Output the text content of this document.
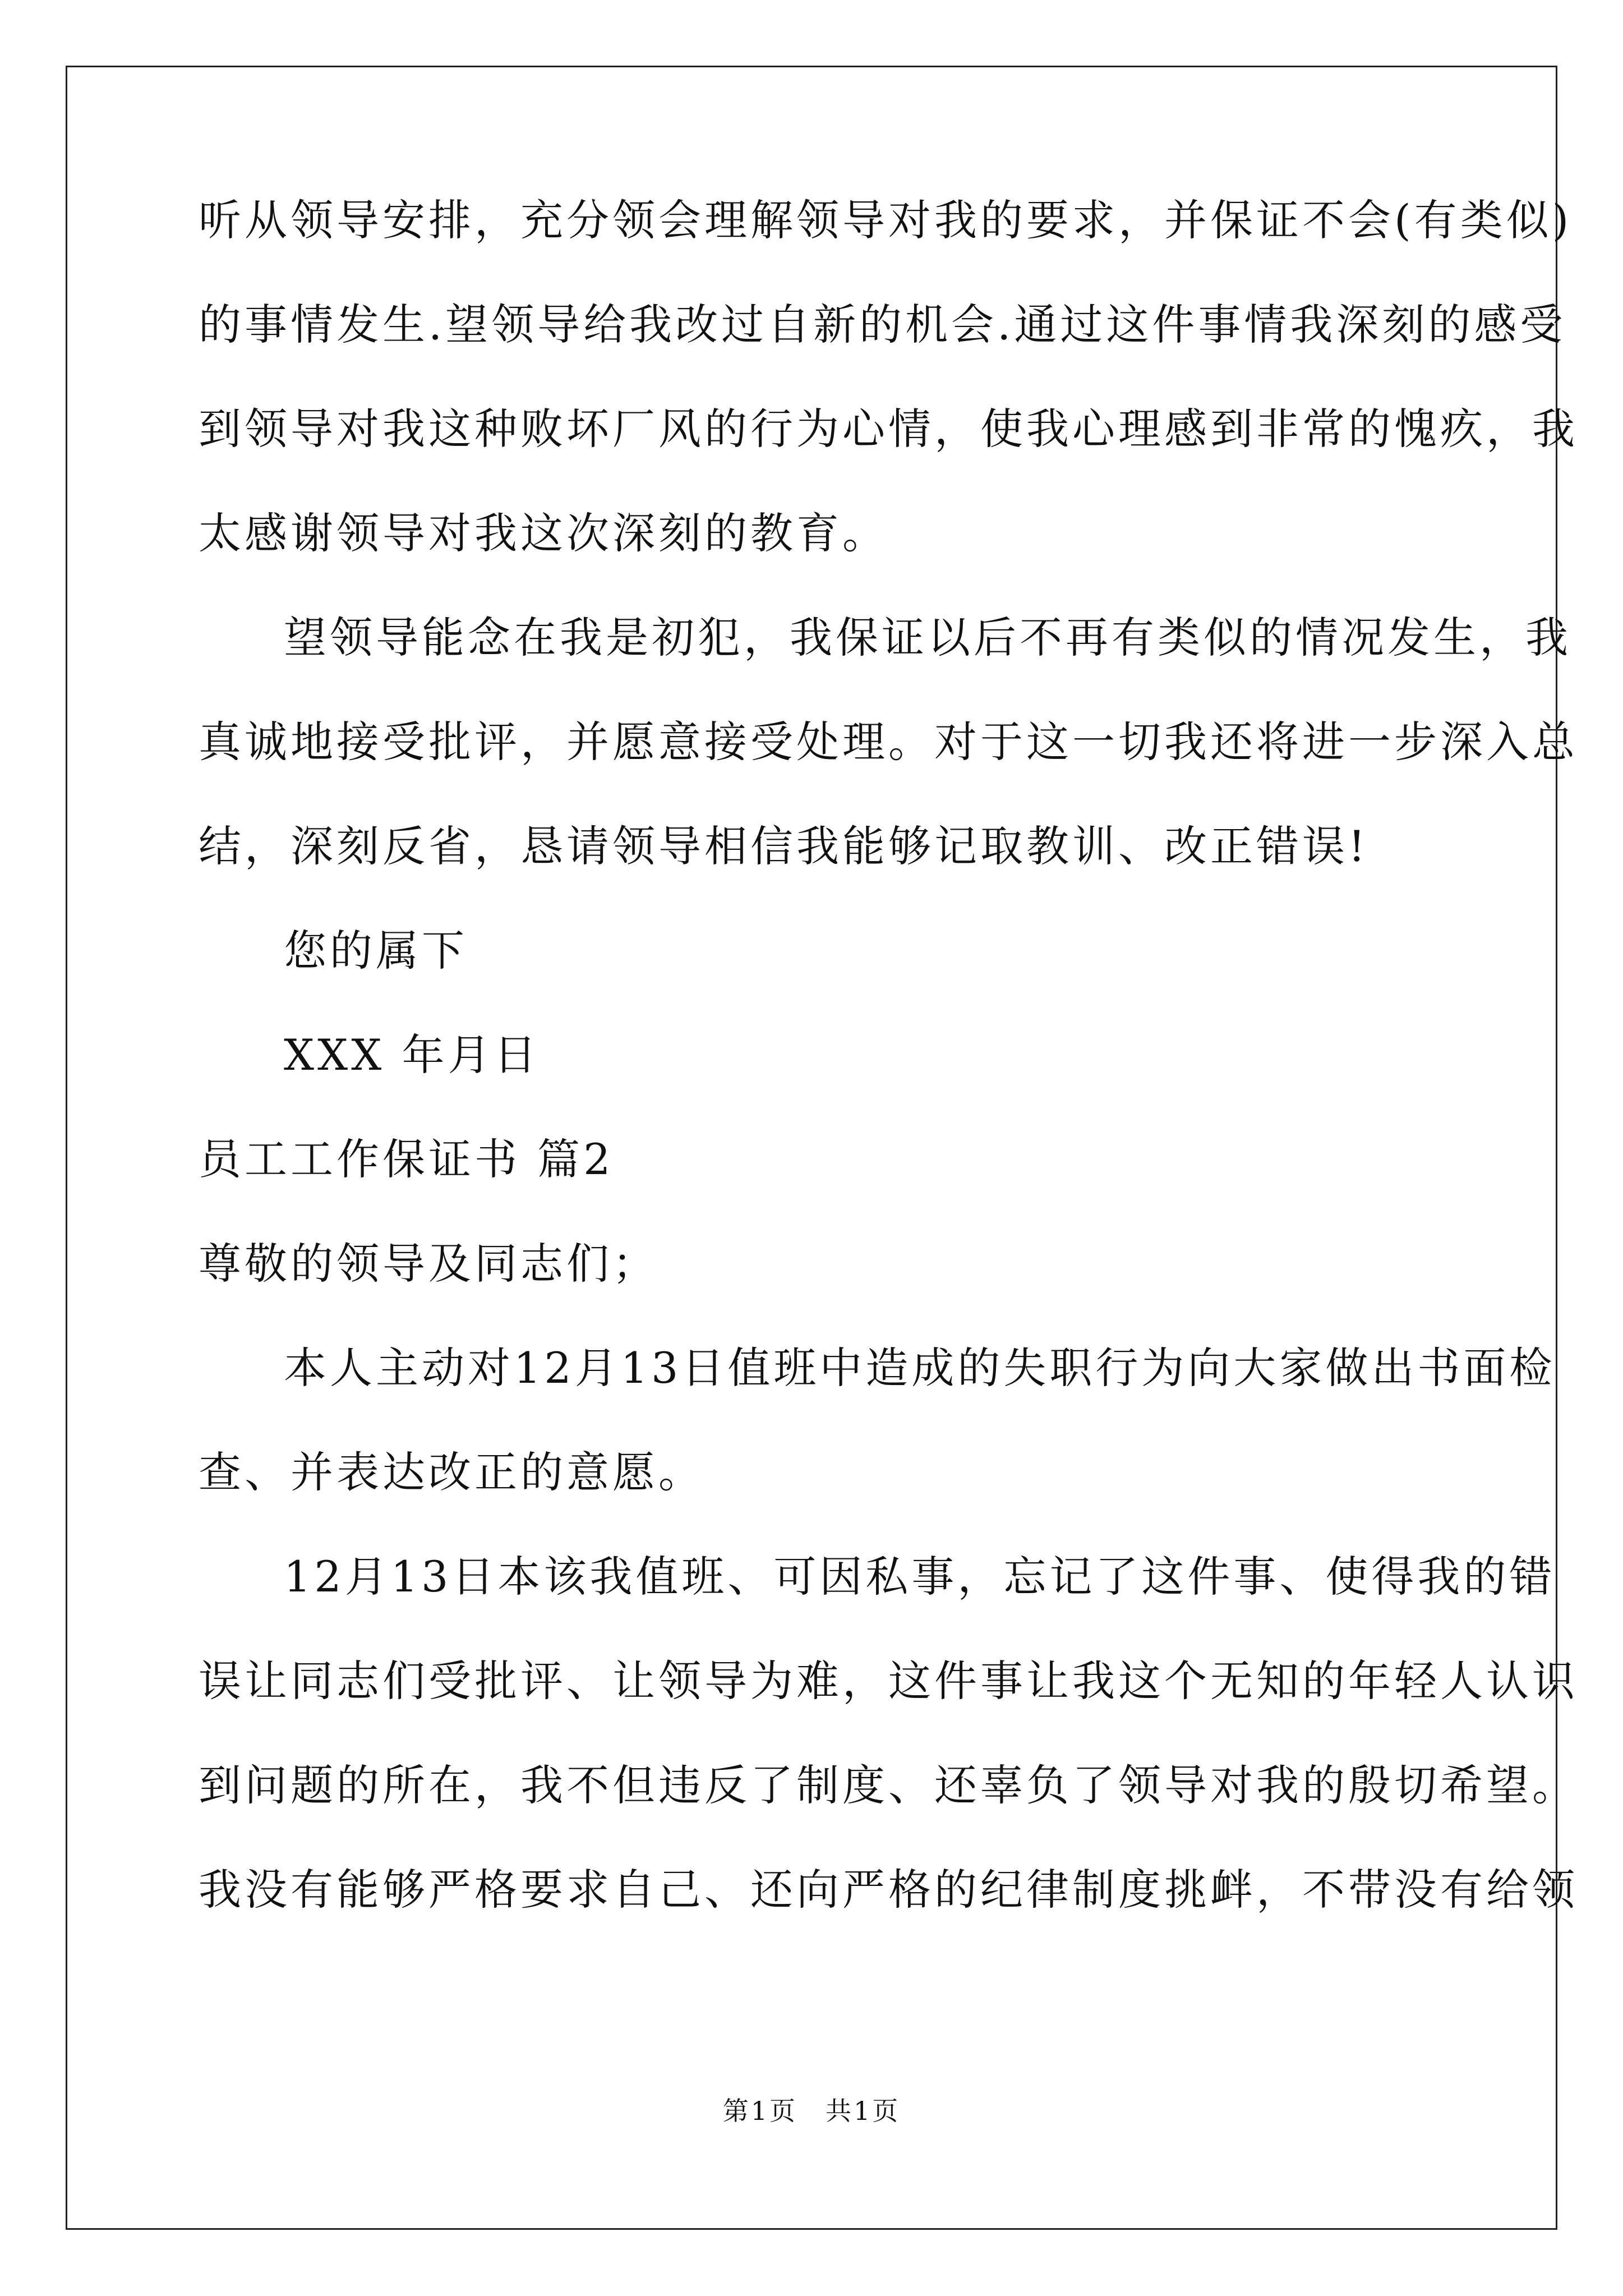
听从领导安排，充分领会理解领导对我的要求，并保证不会(有类似)
的事情发生.望领导给我改过自新的机会.通过这件事情我深刻的感受
到领导对我这种败坏厂风的行为心情，使我心理感到非常的愧疚，我
太感谢领导对我这次深刻的教育。
望领导能念在我是初犯，我保证以后不再有类似的情况发生，我
真诚地接受批评，并愿意接受处理。对于这一切我还将进一步深入总
结，深刻反省，恳请领导相信我能够记取教训、改正错误!
您的属下
XXX 年月日
员工工作保证书 篇2
尊敬的领导及同志们；
本人主动对12月13日值班中造成的失职行为向大家做出书面检
查、并表达改正的意愿。
12月13日本该我值班、可因私事，忘记了这件事、使得我的错
误让同志们受批评、让领导为难，这件事让我这个无知的年轻人认识
到问题的所在，我不但违反了制度、还辜负了领导对我的殷切希望。
我没有能够严格要求自己、还向严格的纪律制度挑衅，不带没有给领
第1页　共1页
